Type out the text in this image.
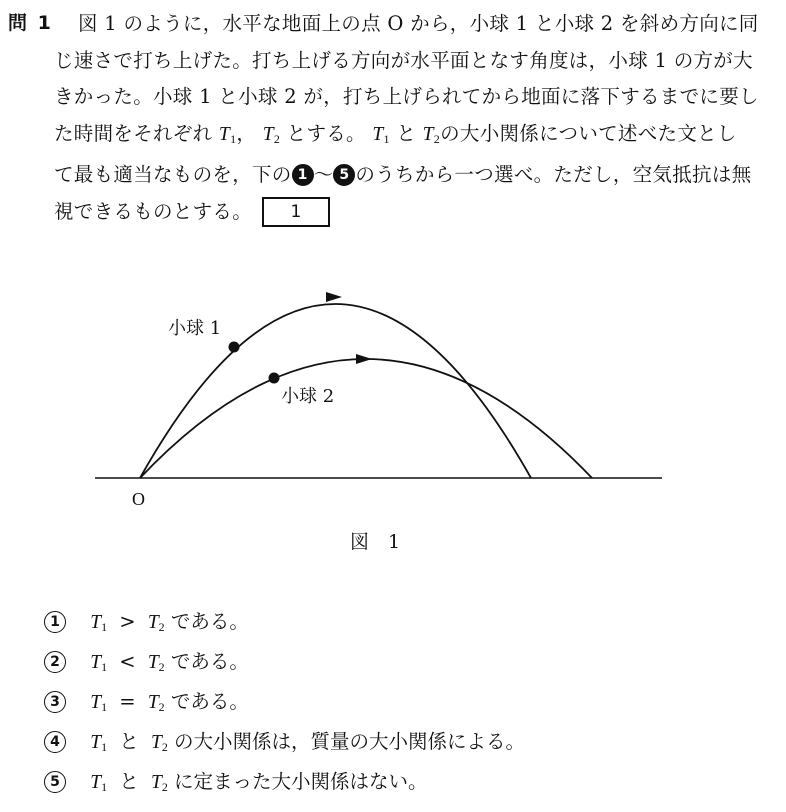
問 1	図 1 のように，水平な地面上の点 O から，小球 1 と小球 2 を斜め方向に同
じ速さで打ち上げた。打ち上げる方向が水平面となす角度は，小球 1 の方が大
きかった。小球 1 と小球 2 が，打ち上げられてから地面に落下するまでに要し
た時間をそれぞれ $T_1$， $T_2$ とする。 $T_1$ と $T_2$の大小関係について述べた文とし
て最も適当なものを，下の 1 ～ 5 のうちから一つ選べ。ただし，空気抵抗は無
視できるものとする。 1
小球 1
小球 2
O
図　1
1 $T_1 > T_2$ である。
2 $T_1 < T_2$ である。
3 $T_1 = T_2$ である。
4 $T_1$ と $T_2$ の大小関係は，質量の大小関係による。
5 $T_1$ と $T_2$ に定まった大小関係はない。
